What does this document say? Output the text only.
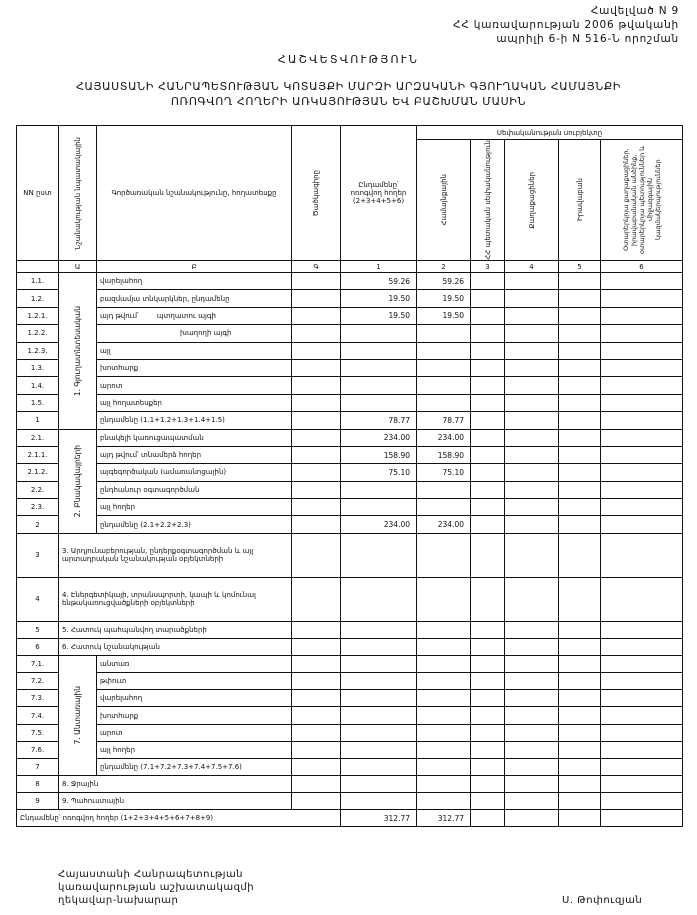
Հավելված N 9
ՀՀ կառավարության 2006 թվականի
ապրիլի 6-ի N 516-Ն որոշման
ՀԱՇՎԵՏՎՈՒԹՅՈՒՆ
ՀԱՅԱՍՏԱՆԻ ՀԱՆՐԱՊԵՏՈՒԹՅԱՆ ԿՈՏԱՅՔԻ ՄԱՐԶԻ ԱՐԶԱԿԱՆԻ ԳՅՈՒՂԱԿԱՆ ՀԱՄԱՅՆՔԻ
ՈՌՈԳՎՈՂ ՀՈՂԵՐԻ ԱՌԿԱՅՈՒԹՅԱՆ ԵՎ ԲԱՇԽՄԱՆ ՄԱՍԻՆ
NN ըստ	Նշանակության նպատակային	Գործառական նշանակությունը, հողատեսքը	Ծածկագիրը	Ընդամենը՝ ոռոգվող հողեր (2+3+4+5+6)	Սեփականության սուբյեկտը				

					Համայնքային	ՀՀ պետական սեփականություն	Քաղաքացիներ	Իրավաբան	Օտարերկրյա քաղաքացիներ, իրավաբանական անձինք, օտարերկրյա պետություններ և միջազգային կազմակերպություններ

	Ա	Բ	Գ	1	2	3	4	5	6
1.1.	1. Գյուղատնտեսական	վարելահող		59.26	59.26				
1.2.		բազմամյա տնկարկներ, ընդամենը		19.50	19.50				
1.2.1.		այդ թվում՝ պտղատու այգի		19.50	19.50				
1.2.2.		խաղողի այգի							
1.2.3.		այլ							
1.3.		խոտհարք							
1.4.		արոտ							
1.5.		այլ հողատեսքեր							
1		ընդամենը (1.1+1.2+1.3+1.4+1.5)		78.77	78.77				
2.1.	2. Բնակավայրերի	բնակելի կառուցապատման		234.00	234.00				
2.1.1.		այդ թվում՝ տնամերձ հողեր		158.90	158.90				
2.1.2.		այգեգործական (ամառանոցային)		75.10	75.10				
2.2.		ընդհանուր օգտագործման							
2.3.		այլ հողեր							
2		ընդամենը (2.1+2.2+2.3)		234.00	234.00				
3	3. Արդյունաբերության, ընդերքօգտագործման և այլ արտադրական նշանակության օբյեկտների								
4	4. Էներգետիկայի, տրանսպորտի, կապի և կոմունալ ենթակառուցվածքների օբյեկտների								
5	5. Հատուկ պահպանվող տարածքների								
6	6. Հատուկ նշանակության								
7.1.	7. Անտառային	անտառ							
7.2.		թփուտ							
7.3.		վարելահող							
7.4.		խոտհարք							
7.5.		արոտ							
7.6.		այլ հողեր							
7		ընդամենը (7.1+7.2+7.3+7.4+7.5+7.6)							
8	8. Ջրային								
9	9. Պահուստային								
Ընդամենը՝ ոռոգվող հողեր (1+2+3+4+5+6+7+8+9)				312.77	312.77				
Հայաստանի Հանրապետության
կառավարության աշխատակազմի
ղեկավար-նախարար	Ս. Թոփուզյան
